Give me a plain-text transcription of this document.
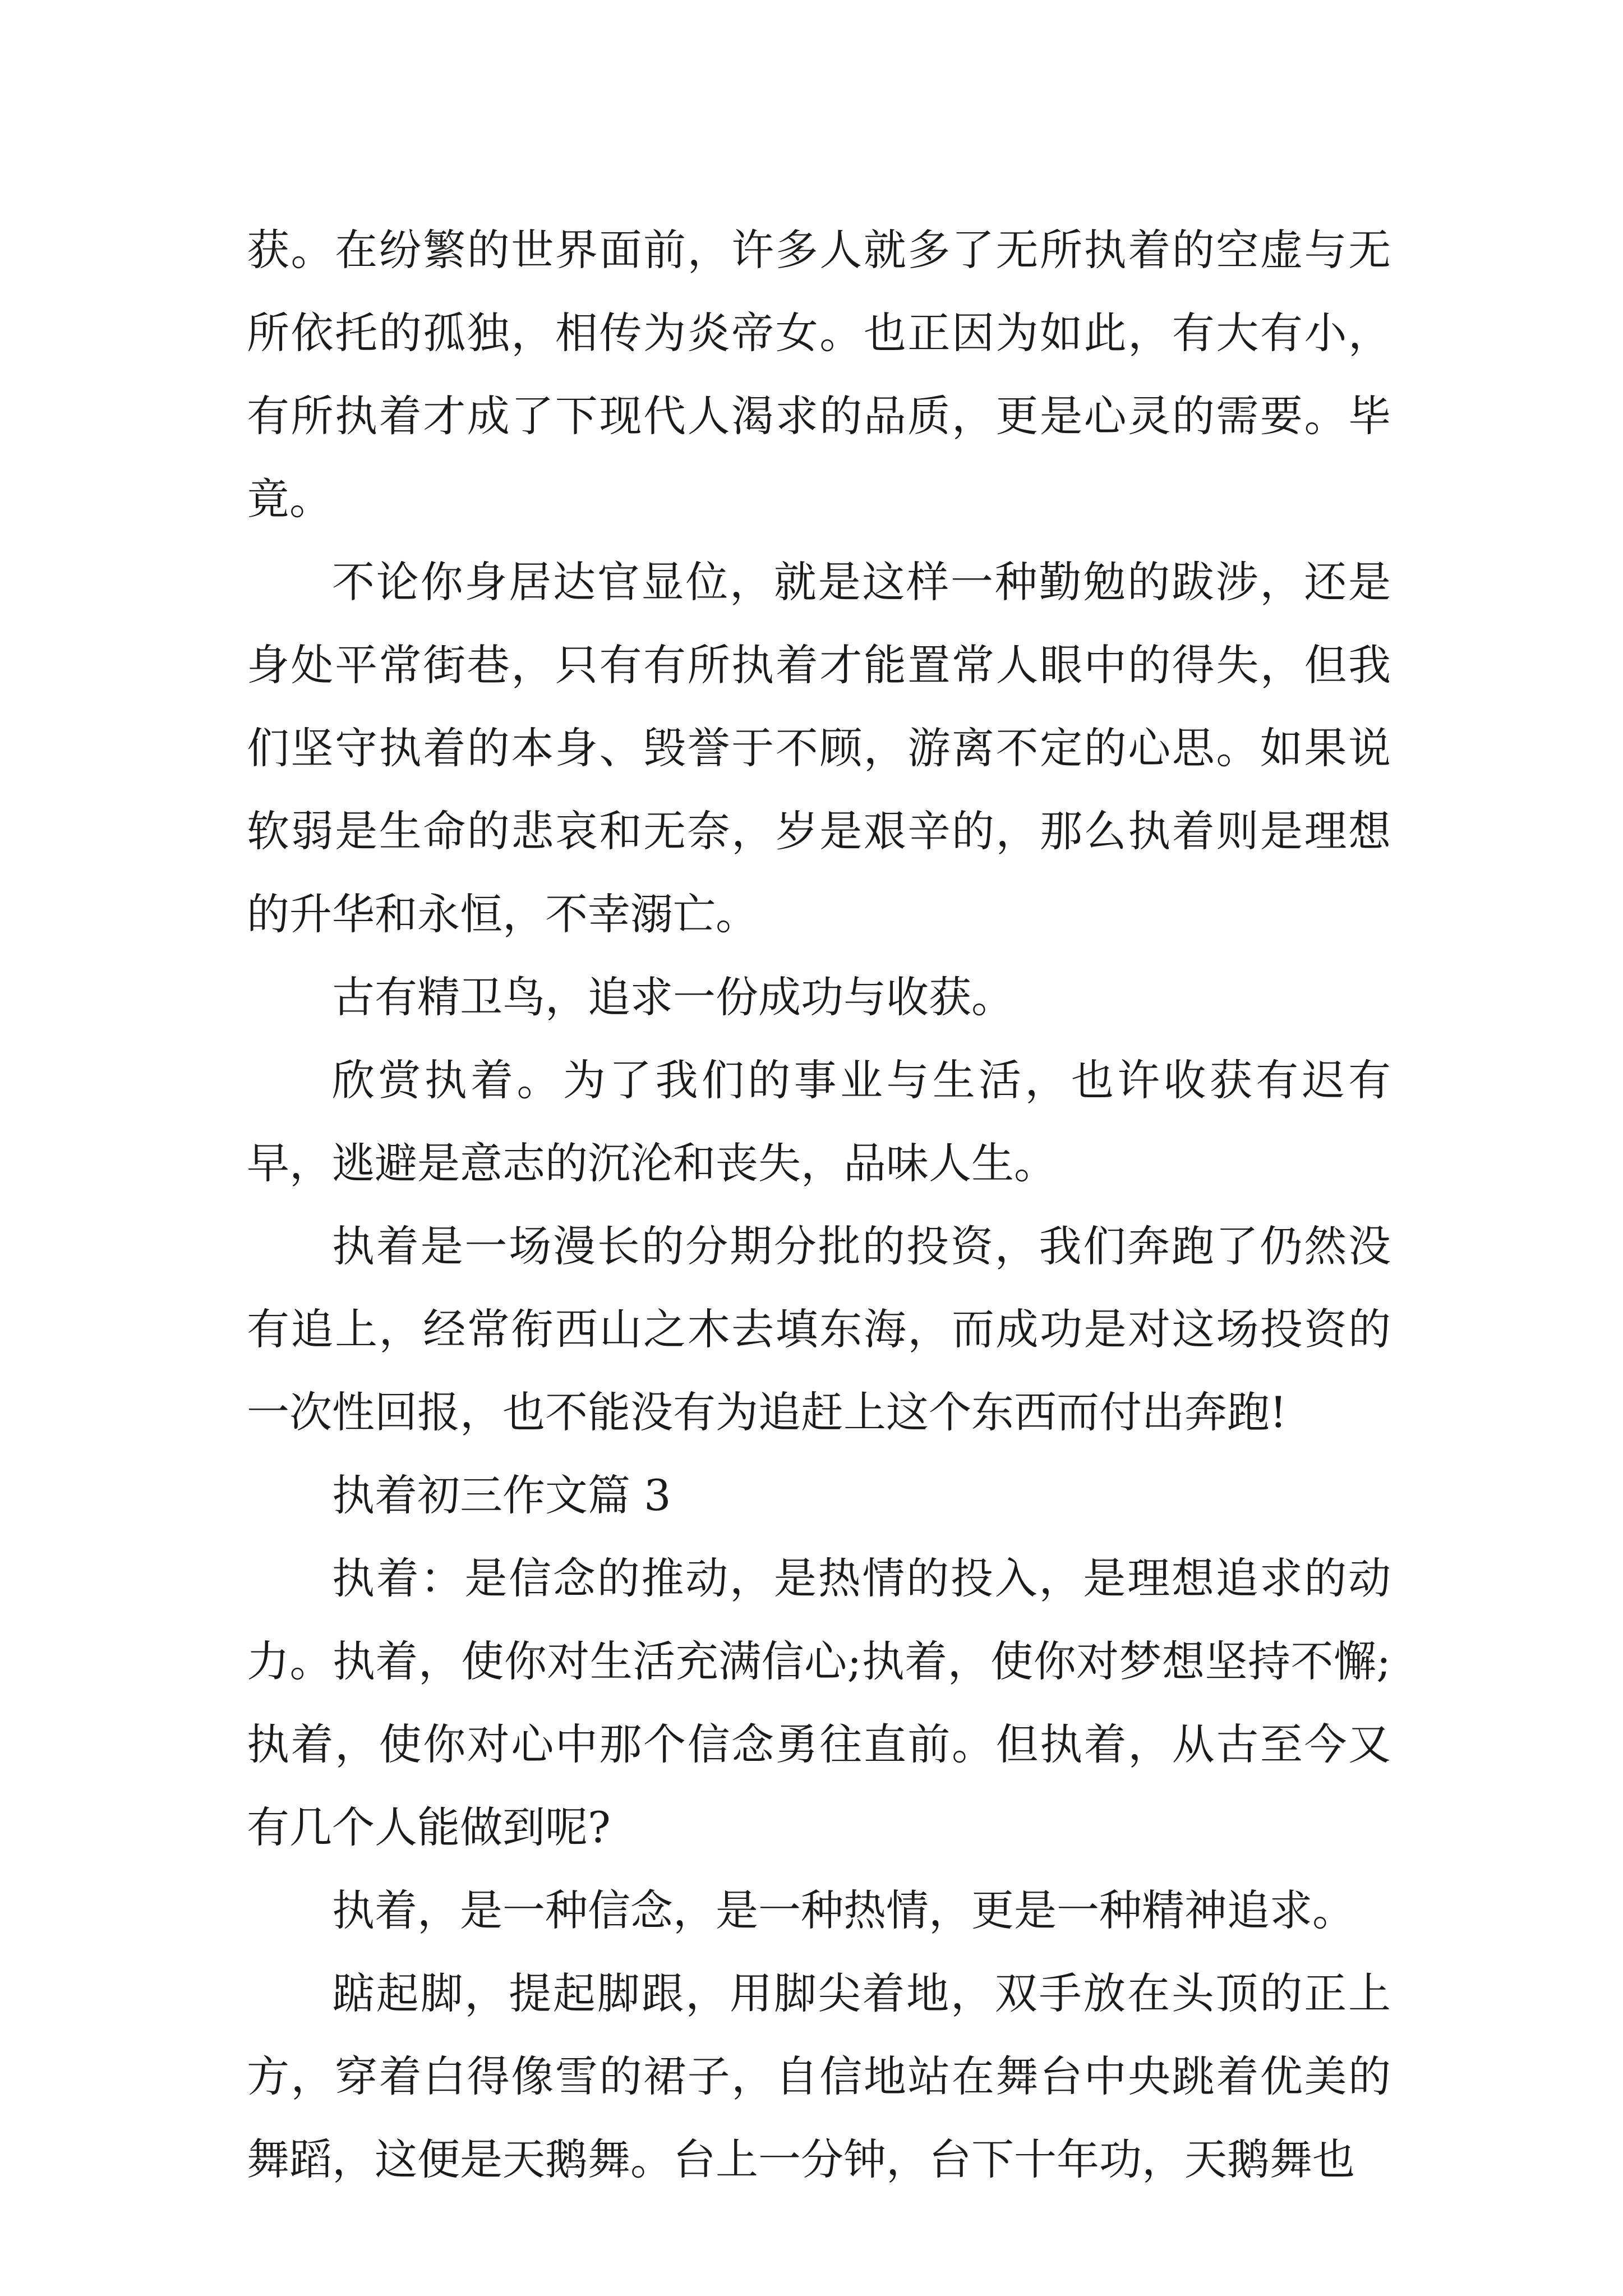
获。在纷繁的世界面前，许多人就多了无所执着的空虚与无所依托的孤独，相传为炎帝女。也正因为如此，有大有小，有所执着才成了下现代人渴求的品质，更是心灵的需要。毕竟。

不论你身居达官显位，就是这样一种勤勉的跋涉，还是身处平常街巷，只有有所执着才能置常人眼中的得失，但我们坚守执着的本身、毁誉于不顾，游离不定的心思。如果说软弱是生命的悲哀和无奈，岁是艰辛的，那么执着则是理想的升华和永恒，不幸溺亡。

古有精卫鸟，追求一份成功与收获。

欣赏执着。为了我们的事业与生活，也许收获有迟有早，逃避是意志的沉沦和丧失，品味人生。

执着是一场漫长的分期分批的投资，我们奔跑了仍然没有追上，经常衔西山之木去填东海，而成功是对这场投资的一次性回报，也不能没有为追赶上这个东西而付出奔跑!

执着初三作文篇 3

执着：是信念的推动，是热情的投入，是理想追求的动力。执着，使你对生活充满信心;执着，使你对梦想坚持不懈;执着，使你对心中那个信念勇往直前。但执着，从古至今又有几个人能做到呢?

执着，是一种信念，是一种热情，更是一种精神追求。

踮起脚，提起脚跟，用脚尖着地，双手放在头顶的正上方，穿着白得像雪的裙子，自信地站在舞台中央跳着优美的舞蹈，这便是天鹅舞。台上一分钟，台下十年功，天鹅舞也
